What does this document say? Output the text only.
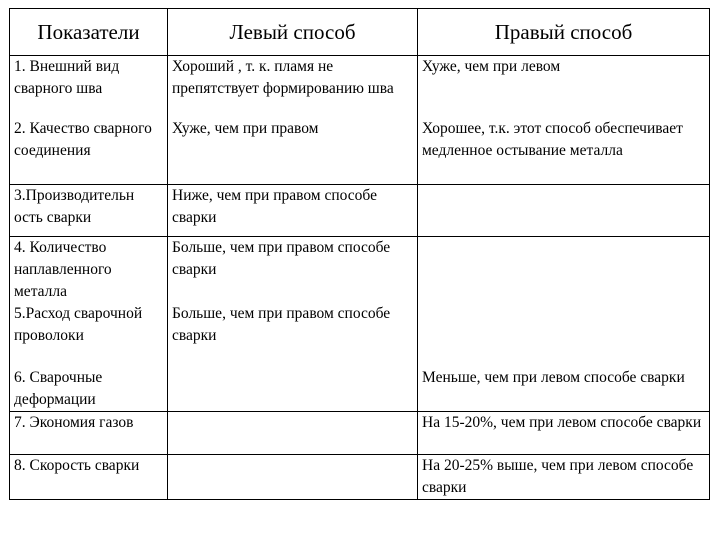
Показатели	Левый способ	Правый способ
1. Внешний вид сварного шва	Хороший , т. к. пламя не препятствует формированию шва	Хуже, чем при левом
2. Качество сварного соединения	Хуже, чем при правом	Хорошее, т.к. этот способ обеспечивает медленное остывание металла
3.Производительн ость сварки	Ниже, чем при правом способе сварки	
4. Количество наплавленного металла	Больше, чем при правом способе сварки	
5.Расход сварочной проволоки	Больше, чем при правом способе сварки	
6. Сварочные деформации		Меньше, чем при левом способе сварки
7. Экономия газов		На 15-20%, чем при левом способе сварки
8. Скорость сварки		На 20-25% выше, чем при левом способе сварки
